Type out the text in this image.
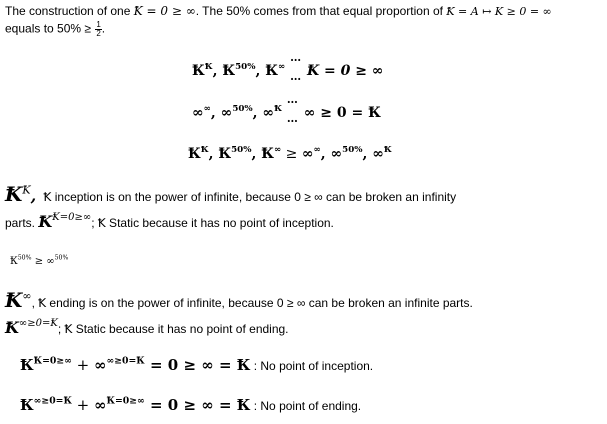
The construction of one Ꝁ = 0 ≥ ∞. The 50% comes from that equal proportion of Ꝁ = 𝛢 ↦ 𝛫 ≥ 0 = ∞
equals to $50\% \ge \frac{1}{2}$ .
Ꝁ$^Ꝁ$, Ꝁ$^{50\%}$, Ꝁ∞
…
… Ꝁ = 0 ≥ ∞
∞∞, ∞$^{50\%}$, ∞$^Ꝁ$
…
… ∞ ≥ 0 = Ꝁ
Ꝁ$^Ꝁ$, Ꝁ$^{50\%}$, Ꝁ∞ ≥ ∞∞, ∞$^{50\%}$, ∞$^Ꝁ$
Ꝁ$^Ꝁ$, Ꝁ inception is on the power of infinite, because 0 ≥ ∞ can be broken an infinity
parts. Ꝁ$^{Ꝁ=0\ge\infty}$; Ꝁ Static because it has no point of inception.
Ꝁ$^{50\%}$ ≥ ∞$^{50\%}$
Ꝁ∞, Ꝁ ending is on the power of infinite, because 0 ≥ ∞ can be broken an infinite parts.
Ꝁ$^{\infty\ge 0=Ꝁ}$; Ꝁ Static because it has no point of ending.
Ꝁ$^{Ꝁ=0\ge\infty}$ + ∞$^{\infty\ge 0=Ꝁ}$ = 0 ≥ ∞ = Ꝁ : No point of inception.
Ꝁ$^{\infty\ge 0=Ꝁ}$ + ∞$^{Ꝁ=0\ge\infty}$ = 0 ≥ ∞ = Ꝁ : No point of ending.
